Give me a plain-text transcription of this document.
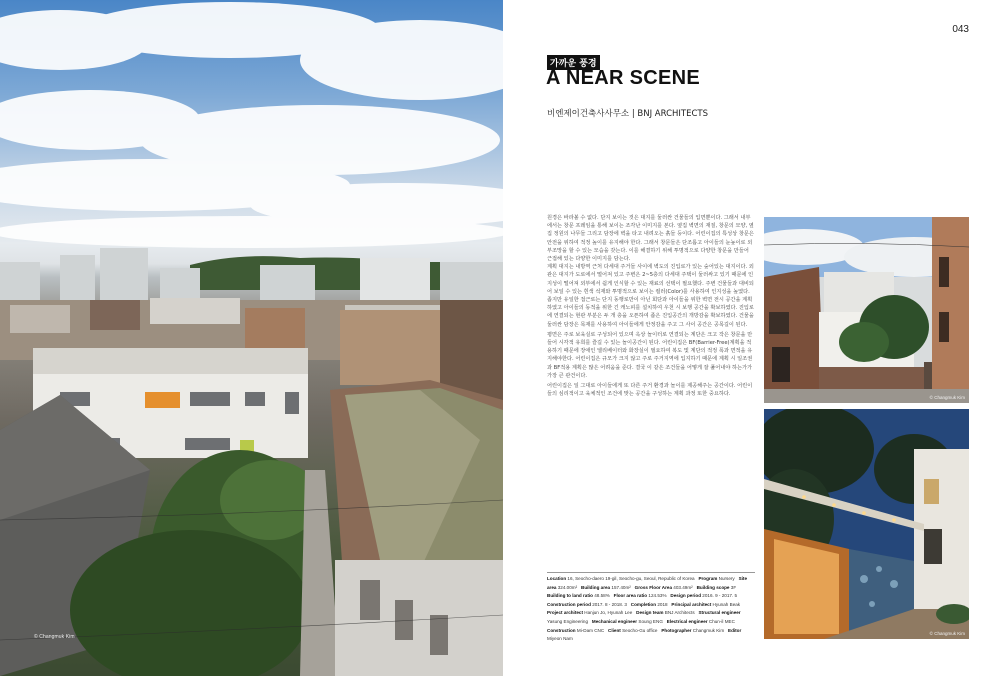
© Changmuk Kim
043
가까운 풍경
A NEAR SCENE
비엔제이건축사사무소 | BNJ ARCHITECTS

원경은 바라볼 수 없다. 단지 보이는 것은 대지를 둘러싼 건물들의 입면뿐이다. 그래서 내부에서는 창문 프레임을 통해 보이는 조각난 이미지를 본다. 옆집 벽면의 재질, 창문의 모양, 옆집 정원의 나무들 그리고 담장에 벽을 타고 내려오는 흙들 등이다. 어린이집의 특성상 창문은 안전을 위하여 적정 높이를 유지해야 한다. 그래서 창문들은 단조롭고 아이들의 눈높이로 외부조망을 할 수 있는 모습을 갖는다. 이를 해결하기 위해 투명적으로 다양한 창문을 만들어 근접해 있는 다양한 이미지를 담는다.

계획 대지는 내방역 근처 다세대 주거들 사이에 벽도의 진입로가 있는 숲어있는 대지이다. 외관은 대지가 도로에서 떨어져 있고 주변은 2~5층의 다세대 주택이 둘러싸고 있기 때문에 인지성이 떨어져 외부에서 쉽게 인식할 수 있는 재료의 선택이 필요했다. 주변 건물들과 대비되어 보일 수 있는 흰색 석재와 투명적으로 보이는 컬러(Color)를 사용하여 인지성을 높였다. 좁지만 유일한 접근로는 단지 동행로만이 아닌 회단과 아이들을 위한 벽면 전시 공간을 계획하였고 아이들의 동적을 위한 긴 캐노피를 설치하여 우천 시 보행 공간을 확보하였다. 진입로에 연결되는 현관 부분은 두 개 층을 오픈하여 좁은 진입공간의 개방감을 확보하였다. 건물을 둘러싼 담장은 목재를 사용하여 아이들에게 안정감을 주고 그 사이 공간은 공목길이 된다.

평면은 주로 보육실로 구성되어 있으며 옥상 놀이터로 연결되는 계단은 크고 작은 창문을 만들어 시각적 유희를 즐길 수 있는 놀이공간이 된다. 어린이집은 BF(Barrier-Free)계획을 적용하기 때문에 장애인 엘리베이터와 화장실이 필요하여 복도 및 계단의 적정 폭과 면적을 유지해야한다. 어린이집은 규모가 크지 않고 주로 주거지역에 입지하기 때문에 계획 시 일조권과 BF적용 계획은 많은 어려움을 준다. 결국 이 같은 조건들을 어떻게 잘 풀어내야 하는가가 가장 큰 관건이다.

어린이집은 일 그대로 아이들에게 또 다른 주거 환경과 놀이를 제공해주는 공간이다. 어린이들의 심리적이고 육체적인 조건에 맞는 공간을 구성하는 계획 과정 또한 중요하다.

Location 16, Seocho-daero 19-gil, Seocho-gu, Seoul, Republic of Korea Program Nursery Site area 324.00m² Building area 157.40m² Gross Floor Area 403.49m² Building scope 3F   Building to land ratio 48.58% Floor area ratio 124.53% Design period 2016. 9 - 2017. 5   Construction period 2017. 8 - 2018. 3 Completion 2018 Principal architect Hyunah Beak   Project architect Hanjun Jo, Hyunah Lee Design team BNJ Architects Structural engineer Yasung Engineering Mechanical engineer Soung ENG Electrical engineer Chun-il MEC   Construction Mi-Dam CNC Client Seocho-Gu office Photographer Changmuk Kim Editor Miyeon Nam
© Changmuk Kim
© Changmuk Kim
